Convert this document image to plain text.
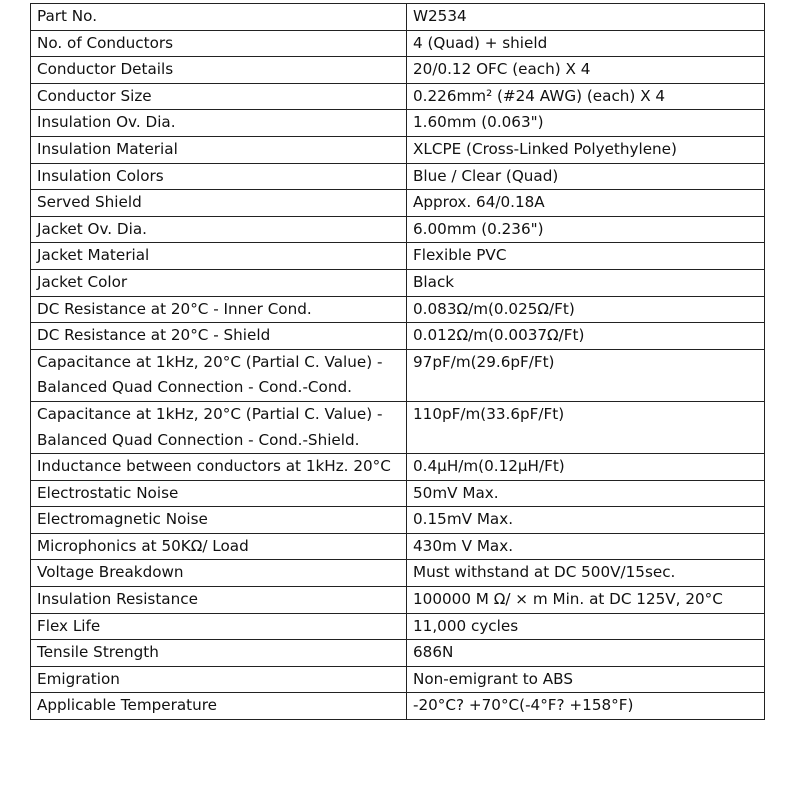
Part No.	W2534
No. of Conductors	4 (Quad) + shield
Conductor Details	20/0.12 OFC (each) X 4
Conductor Size	0.226mm² (#24 AWG) (each) X 4
Insulation Ov. Dia.	1.60mm (0.063")
Insulation Material	XLCPE (Cross-Linked Polyethylene)
Insulation Colors	Blue / Clear (Quad)
Served Shield	Approx. 64/0.18A
Jacket Ov. Dia.	6.00mm (0.236")
Jacket Material	Flexible PVC
Jacket Color	Black
DC Resistance at 20°C - Inner Cond.	0.083Ω/m(0.025Ω/Ft)
DC Resistance at 20°C - Shield	0.012Ω/m(0.0037Ω/Ft)
Capacitance at 1kHz, 20°C (Partial C. Value) - Balanced Quad Connection - Cond.-Cond.	97pF/m(29.6pF/Ft)
Capacitance at 1kHz, 20°C (Partial C. Value) - Balanced Quad Connection - Cond.-Shield.	110pF/m(33.6pF/Ft)
Inductance between conductors at 1kHz. 20°C	0.4μH/m(0.12μH/Ft)
Electrostatic Noise	50mV Max.
Electromagnetic Noise	0.15mV Max.
Microphonics at 50KΩ/ Load	430m V Max.
Voltage Breakdown	Must withstand at DC 500V/15sec.
Insulation Resistance	100000 M Ω/ × m Min. at DC 125V, 20°C
Flex Life	11,000 cycles
Tensile Strength	686N
Emigration	Non-emigrant to ABS
Applicable Temperature	-20°C? +70°C(-4°F? +158°F)
